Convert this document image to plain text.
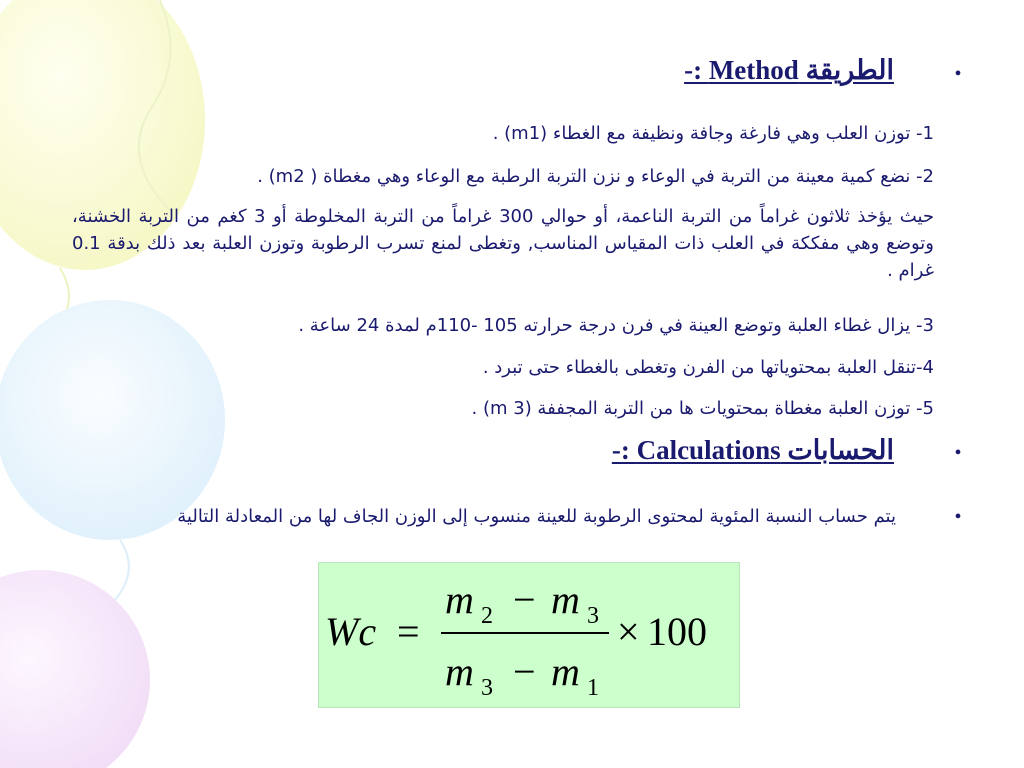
•
الطريقة Method :-
1- توزن العلب وهي فارغة وجافة ونظيفة مع الغطاء (m1) .
2- نضع كمية معينة من التربة في الوعاء و نزن التربة الرطبة مع الوعاء وهي مغطاة ( m2) .
حيث يؤخذ ثلاثون غراماً من التربة الناعمة، أو حوالي 300 غراماً من التربة المخلوطة أو 3 كغم من التربة الخشنة، وتوضع وهي مفككة في العلب ذات المقياس المناسب, وتغطى لمنع تسرب الرطوبة وتوزن العلبة بعد ذلك بدقة 0.1 غرام .
3- يزال غطاء العلبة وتوضع العينة في فرن درجة حرارته 105 -110م لمدة 24 ساعة .
4-تنقل العلبة بمحتوياتها من الفرن وتغطى بالغطاء حتى تبرد .
5- توزن العلبة مغطاة بمحتويات ها من التربة المجففة (m 3) .
•
الحسابات Calculations :-
•
يتم حساب النسبة المئوية لمحتوى الرطوبة للعينة منسوب إلى الوزن الجاف لها من المعادلة التالية
Wc =
m 2 − m 3
m 3 − m 1
× 100
